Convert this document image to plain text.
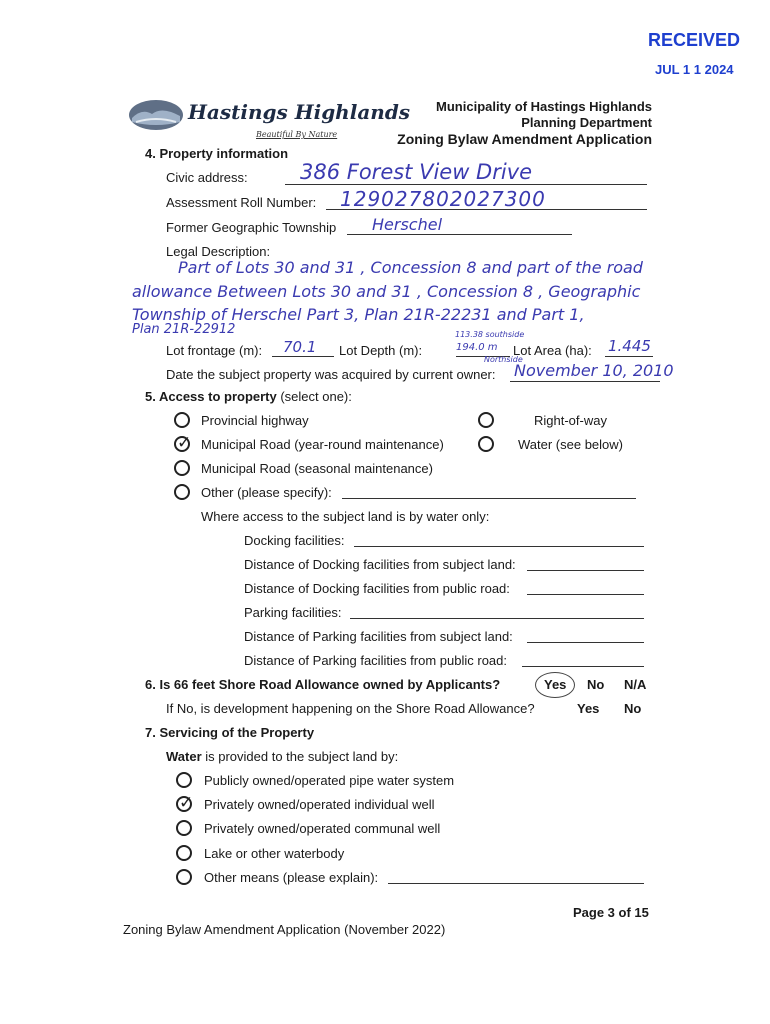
RECEIVED
JUL 1 1 2024
Hastings Highlands
Beautiful By Nature
Municipality of Hastings Highlands
Planning Department
Zoning Bylaw Amendment Application
4. Property information
Civic address: 386 Forest View Drive
Assessment Roll Number: 129027802027300
Former Geographic Township Herschel
Legal Description:
Part of Lots 30 and 31 , Concession 8 and part of the road
allowance Between Lots 30 and 31 , Concession 8 , Geographic
Township of Herschel Part 3, Plan 21R-22231 and Part 1,
Plan 21R-22912
Lot frontage (m): 70.1 Lot Depth (m):
113.38 southside
194.0 m
Northside
Lot Area (ha): 1.445
Date the subject property was acquired by current owner: November 10, 2010
5. Access to property (select one):
Provincial highway
✓ Municipal Road (year-round maintenance)
Municipal Road (seasonal maintenance)
Other (please specify):
Right-of-way
Water (see below)
Where access to the subject land is by water only:
Docking facilities:
Distance of Docking facilities from subject land:
Distance of Docking facilities from public road:
Parking facilities:
Distance of Parking facilities from subject land:
Distance of Parking facilities from public road:
6. Is 66 feet Shore Road Allowance owned by Applicants?	Yes No N/A
If No, is development happening on the Shore Road Allowance?	Yes No
7. Servicing of the Property
Water is provided to the subject land by:
Publicly owned/operated pipe water system
✓ Privately owned/operated individual well
Privately owned/operated communal well
Lake or other waterbody
Other means (please explain):
Page 3 of 15
Zoning Bylaw Amendment Application (November 2022)
